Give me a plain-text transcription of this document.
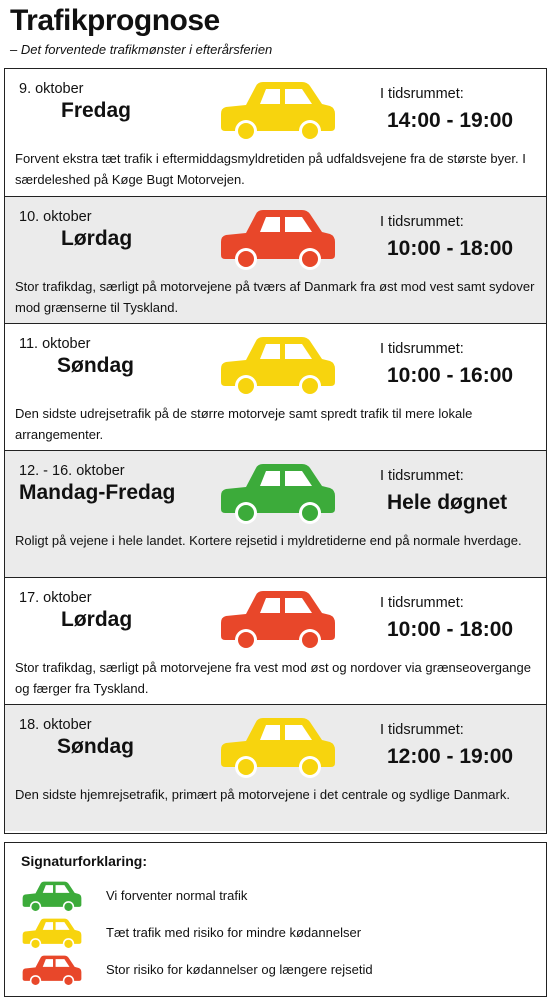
Trafikprognose
– Det forventede trafikmønster i efterårsferien
9. oktober
Fredag
I tidsrummet:
14:00 - 19:00
Forvent ekstra tæt trafik i eftermiddagsmyldretiden på udfaldsvejene fra de største byer. I særdeleshed på Køge Bugt Motorvejen.
10. oktober
Lørdag
I tidsrummet:
10:00 - 18:00
Stor trafikdag, særligt på motorvejene på tværs af Danmark fra øst mod vest samt sydover mod grænserne til Tyskland.
11. oktober
Søndag
I tidsrummet:
10:00 - 16:00
Den sidste udrejsetrafik på de større motorveje samt spredt trafik til mere lokale arrangementer.
12. - 16. oktober
Mandag-Fredag
I tidsrummet:
Hele døgnet
Roligt på vejene i hele landet. Kortere rejsetid i myldretiderne end på normale hverdage.
17. oktober
Lørdag
I tidsrummet:
10:00 - 18:00
Stor trafikdag, særligt på motorvejene fra vest mod øst og nordover via grænseovergange og færger fra Tyskland.
18. oktober
Søndag
I tidsrummet:
12:00 - 19:00
Den sidste hjemrejsetrafik, primært på motorvejene i det centrale og sydlige Danmark.
Signaturforklaring:
Vi forventer normal trafik
Tæt trafik med risiko for mindre kødannelser
Stor risiko for kødannelser og længere rejsetid
